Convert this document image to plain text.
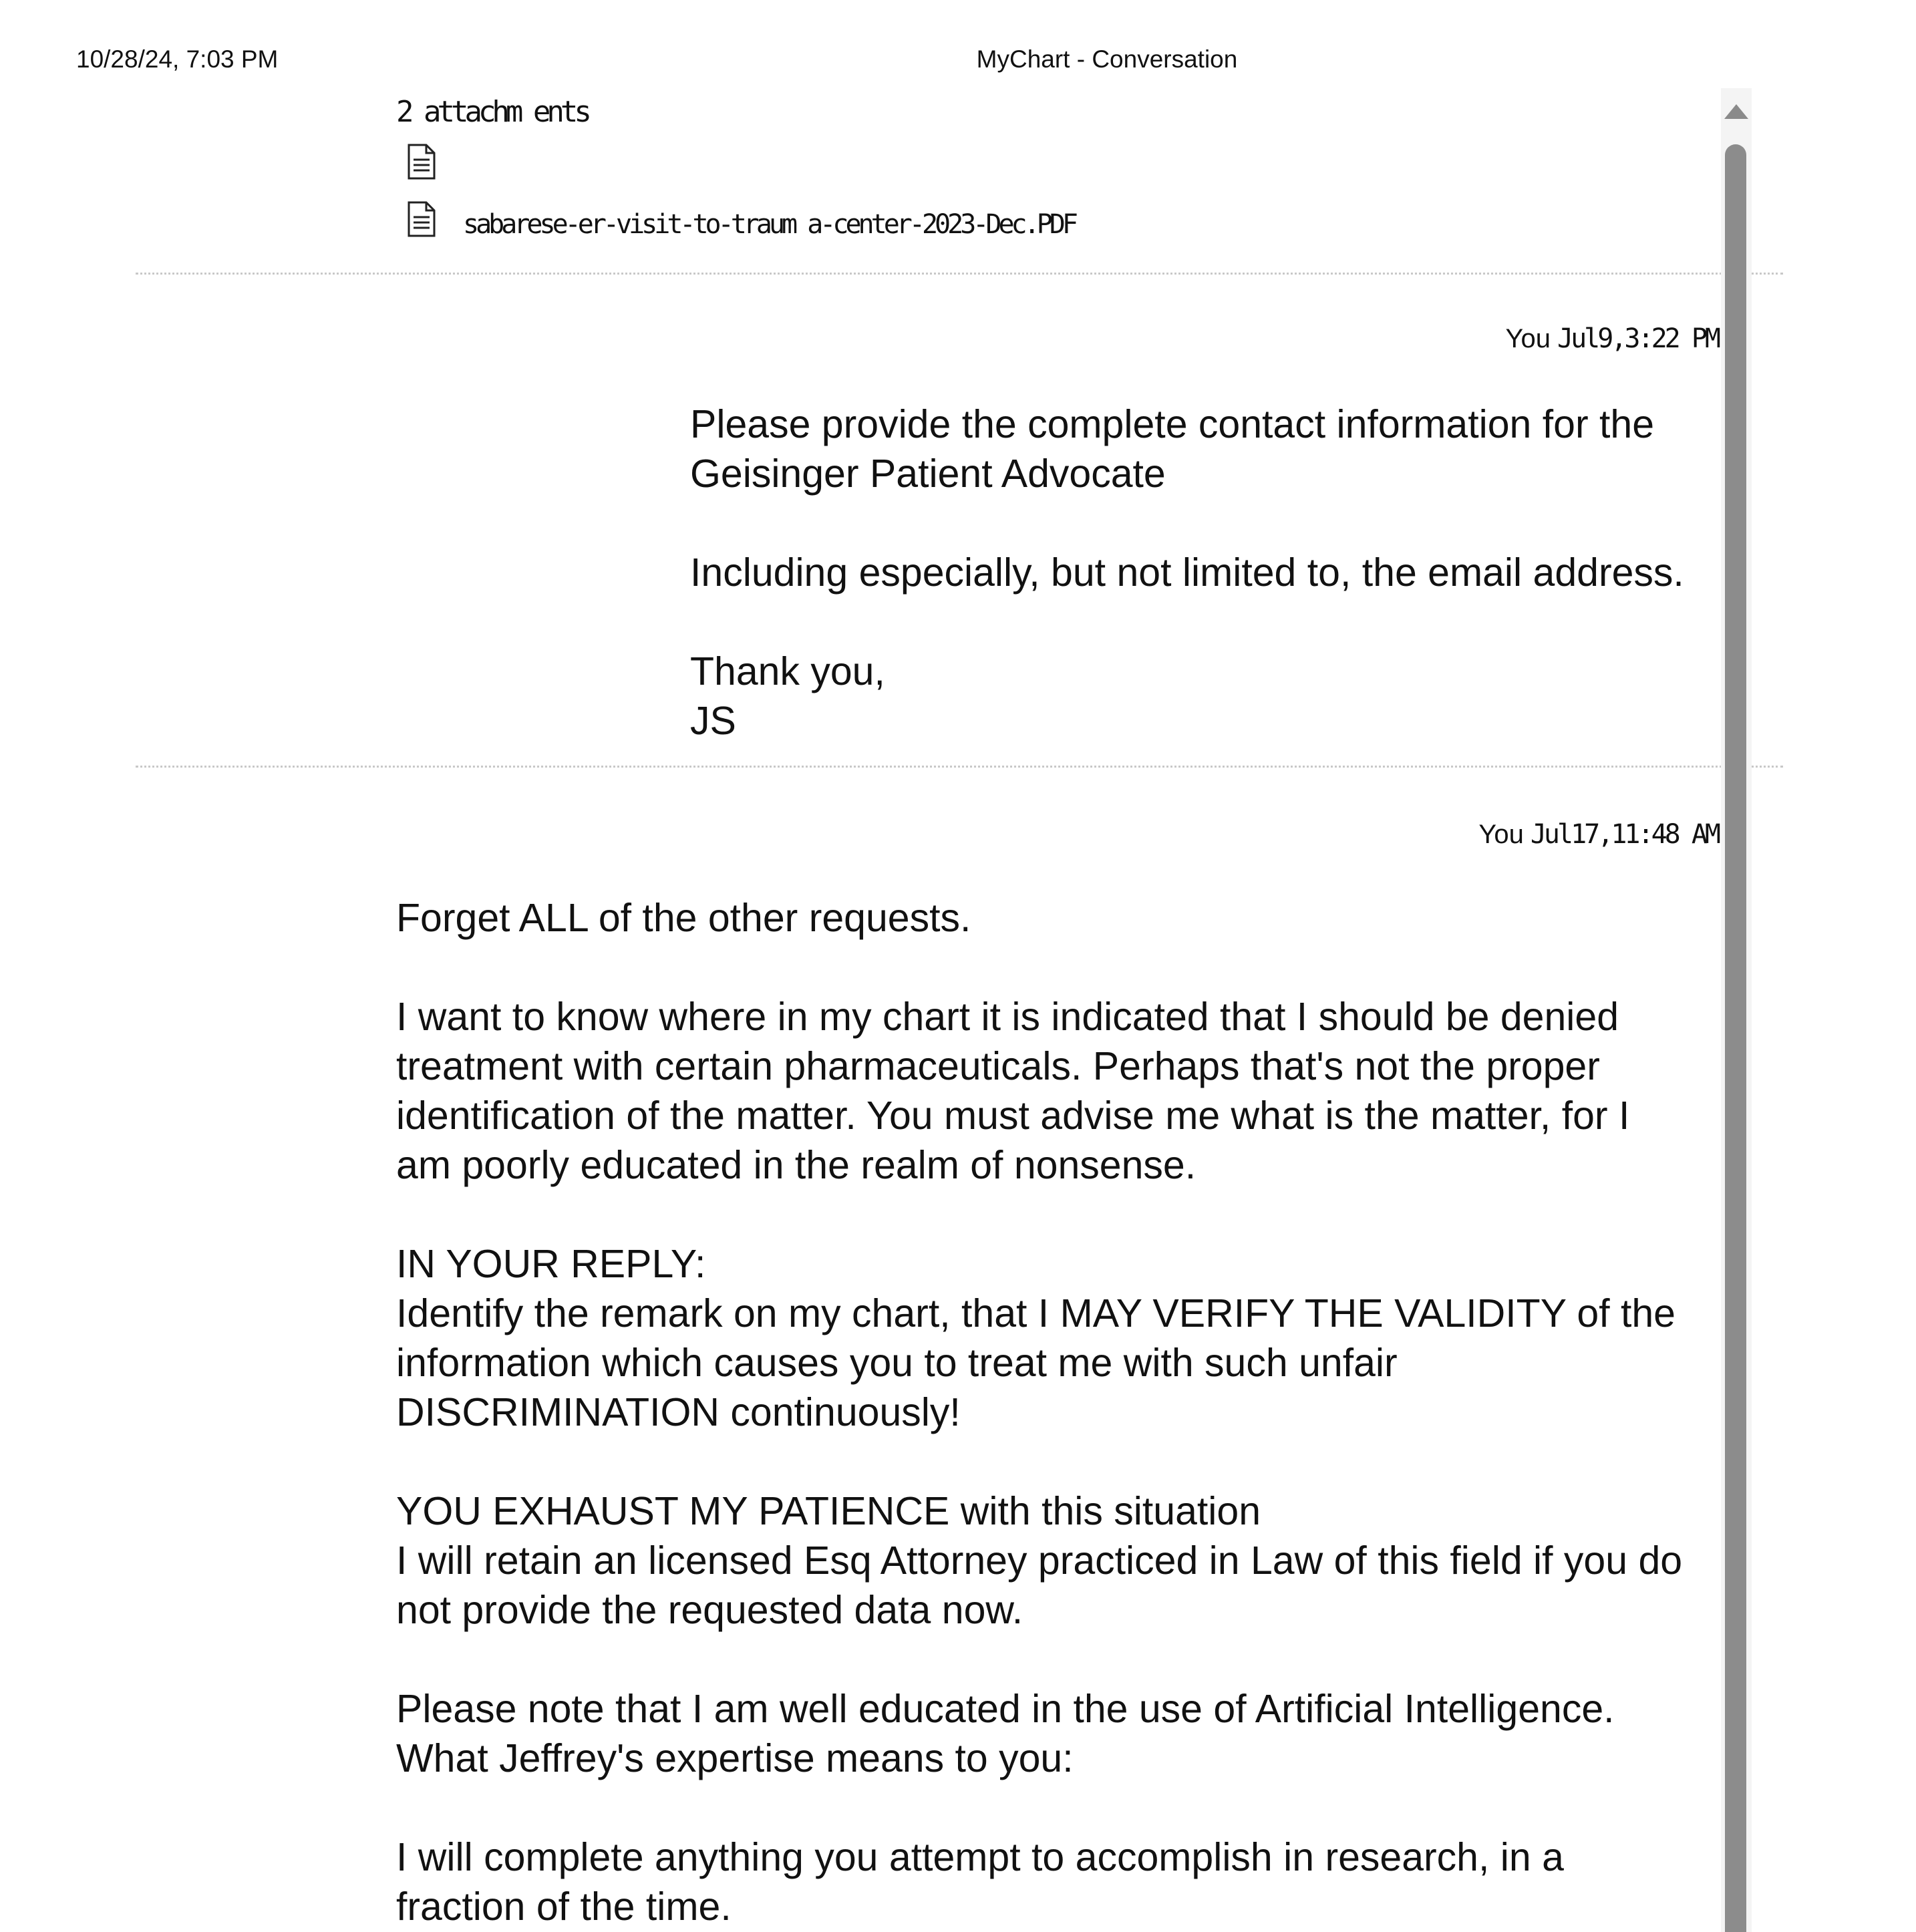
10/28/24, 7:03 PM	MyChart - Conversation
2 attachm ents
sabarese-er-visit-to-traum a-center-2023-Dec.PDF
You Jul9,3:22 PM
Please provide the complete contact information for the
Geisinger Patient Advocate

Including especially, but not limited to, the email address.

Thank you,
JS
You Jul17,11:48 AM
Forget ALL of the other requests.

I want to know where in my chart it is indicated that I should be denied
treatment with certain pharmaceuticals. Perhaps that's not the proper
identification of the matter. You must advise me what is the matter, for I
am poorly educated in the realm of nonsense.

IN YOUR REPLY:
Identify the remark on my chart, that I MAY VERIFY THE VALIDITY of the
information which causes you to treat me with such unfair
DISCRIMINATION continuously!

YOU EXHAUST MY PATIENCE with this situation
I will retain an licensed Esq Attorney practiced in Law of this field if you do
not provide the requested data now.

Please note that I am well educated in the use of Artificial Intelligence.
What Jeffrey's expertise means to you:

I will complete anything you attempt to accomplish in research, in a
fraction of the time.
